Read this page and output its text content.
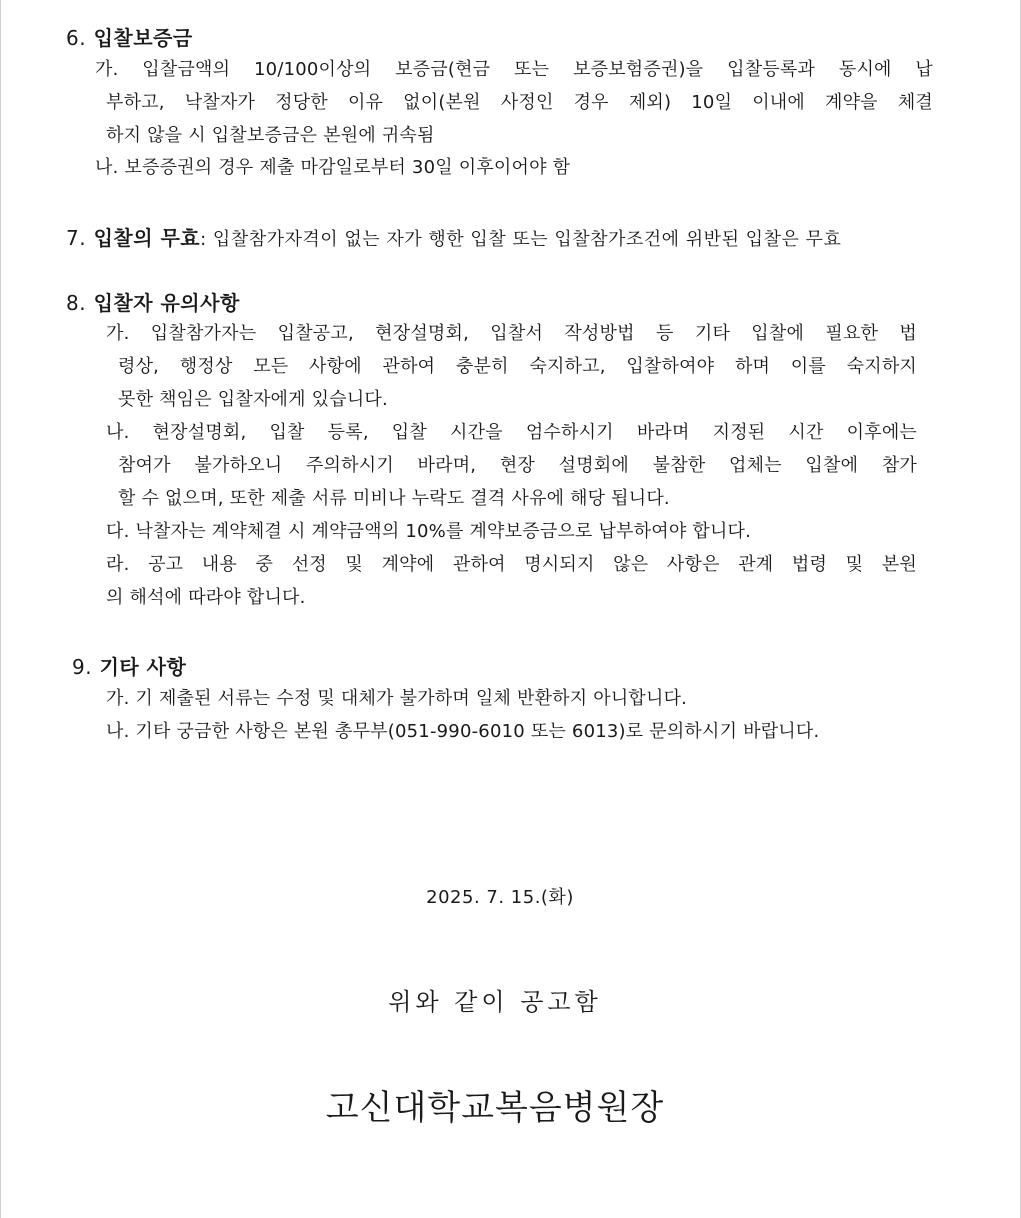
6. 입찰보증금
가. 입찰금액의 10/100이상의 보증금(현금 또는 보증보험증권)을 입찰등록과 동시에 납
부하고, 낙찰자가 정당한 이유 없이(본원 사정인 경우 제외) 10일 이내에 계약을 체결
하지 않을 시 입찰보증금은 본원에 귀속됨
나. 보증증권의 경우 제출 마감일로부터 30일 이후이어야 함
7. 입찰의 무효: 입찰참가자격이 없는 자가 행한 입찰 또는 입찰참가조건에 위반된 입찰은 무효
8. 입찰자 유의사항
가. 입찰참가자는 입찰공고, 현장설명회, 입찰서 작성방법 등 기타 입찰에 필요한 법
령상, 행정상 모든 사항에 관하여 충분히 숙지하고, 입찰하여야 하며 이를 숙지하지
못한 책임은 입찰자에게 있습니다.
나. 현장설명회, 입찰 등록, 입찰 시간을 엄수하시기 바라며 지정된 시간 이후에는
참여가 불가하오니 주의하시기 바라며, 현장 설명회에 불참한 업체는 입찰에 참가
할 수 없으며, 또한 제출 서류 미비나 누락도 결격 사유에 해당 됩니다.
다. 낙찰자는 계약체결 시 계약금액의 10%를 계약보증금으로 납부하여야 합니다.
라. 공고 내용 중 선정 및 계약에 관하여 명시되지 않은 사항은 관계 법령 및 본원
의 해석에 따라야 합니다.
9. 기타 사항
가. 기 제출된 서류는 수정 및 대체가 불가하며 일체 반환하지 아니합니다.
나. 기타 궁금한 사항은 본원 총무부(051-990-6010 또는 6013)로 문의하시기 바랍니다.
2025. 7. 15.(화)
위와 같이 공고함
고신대학교복음병원장
